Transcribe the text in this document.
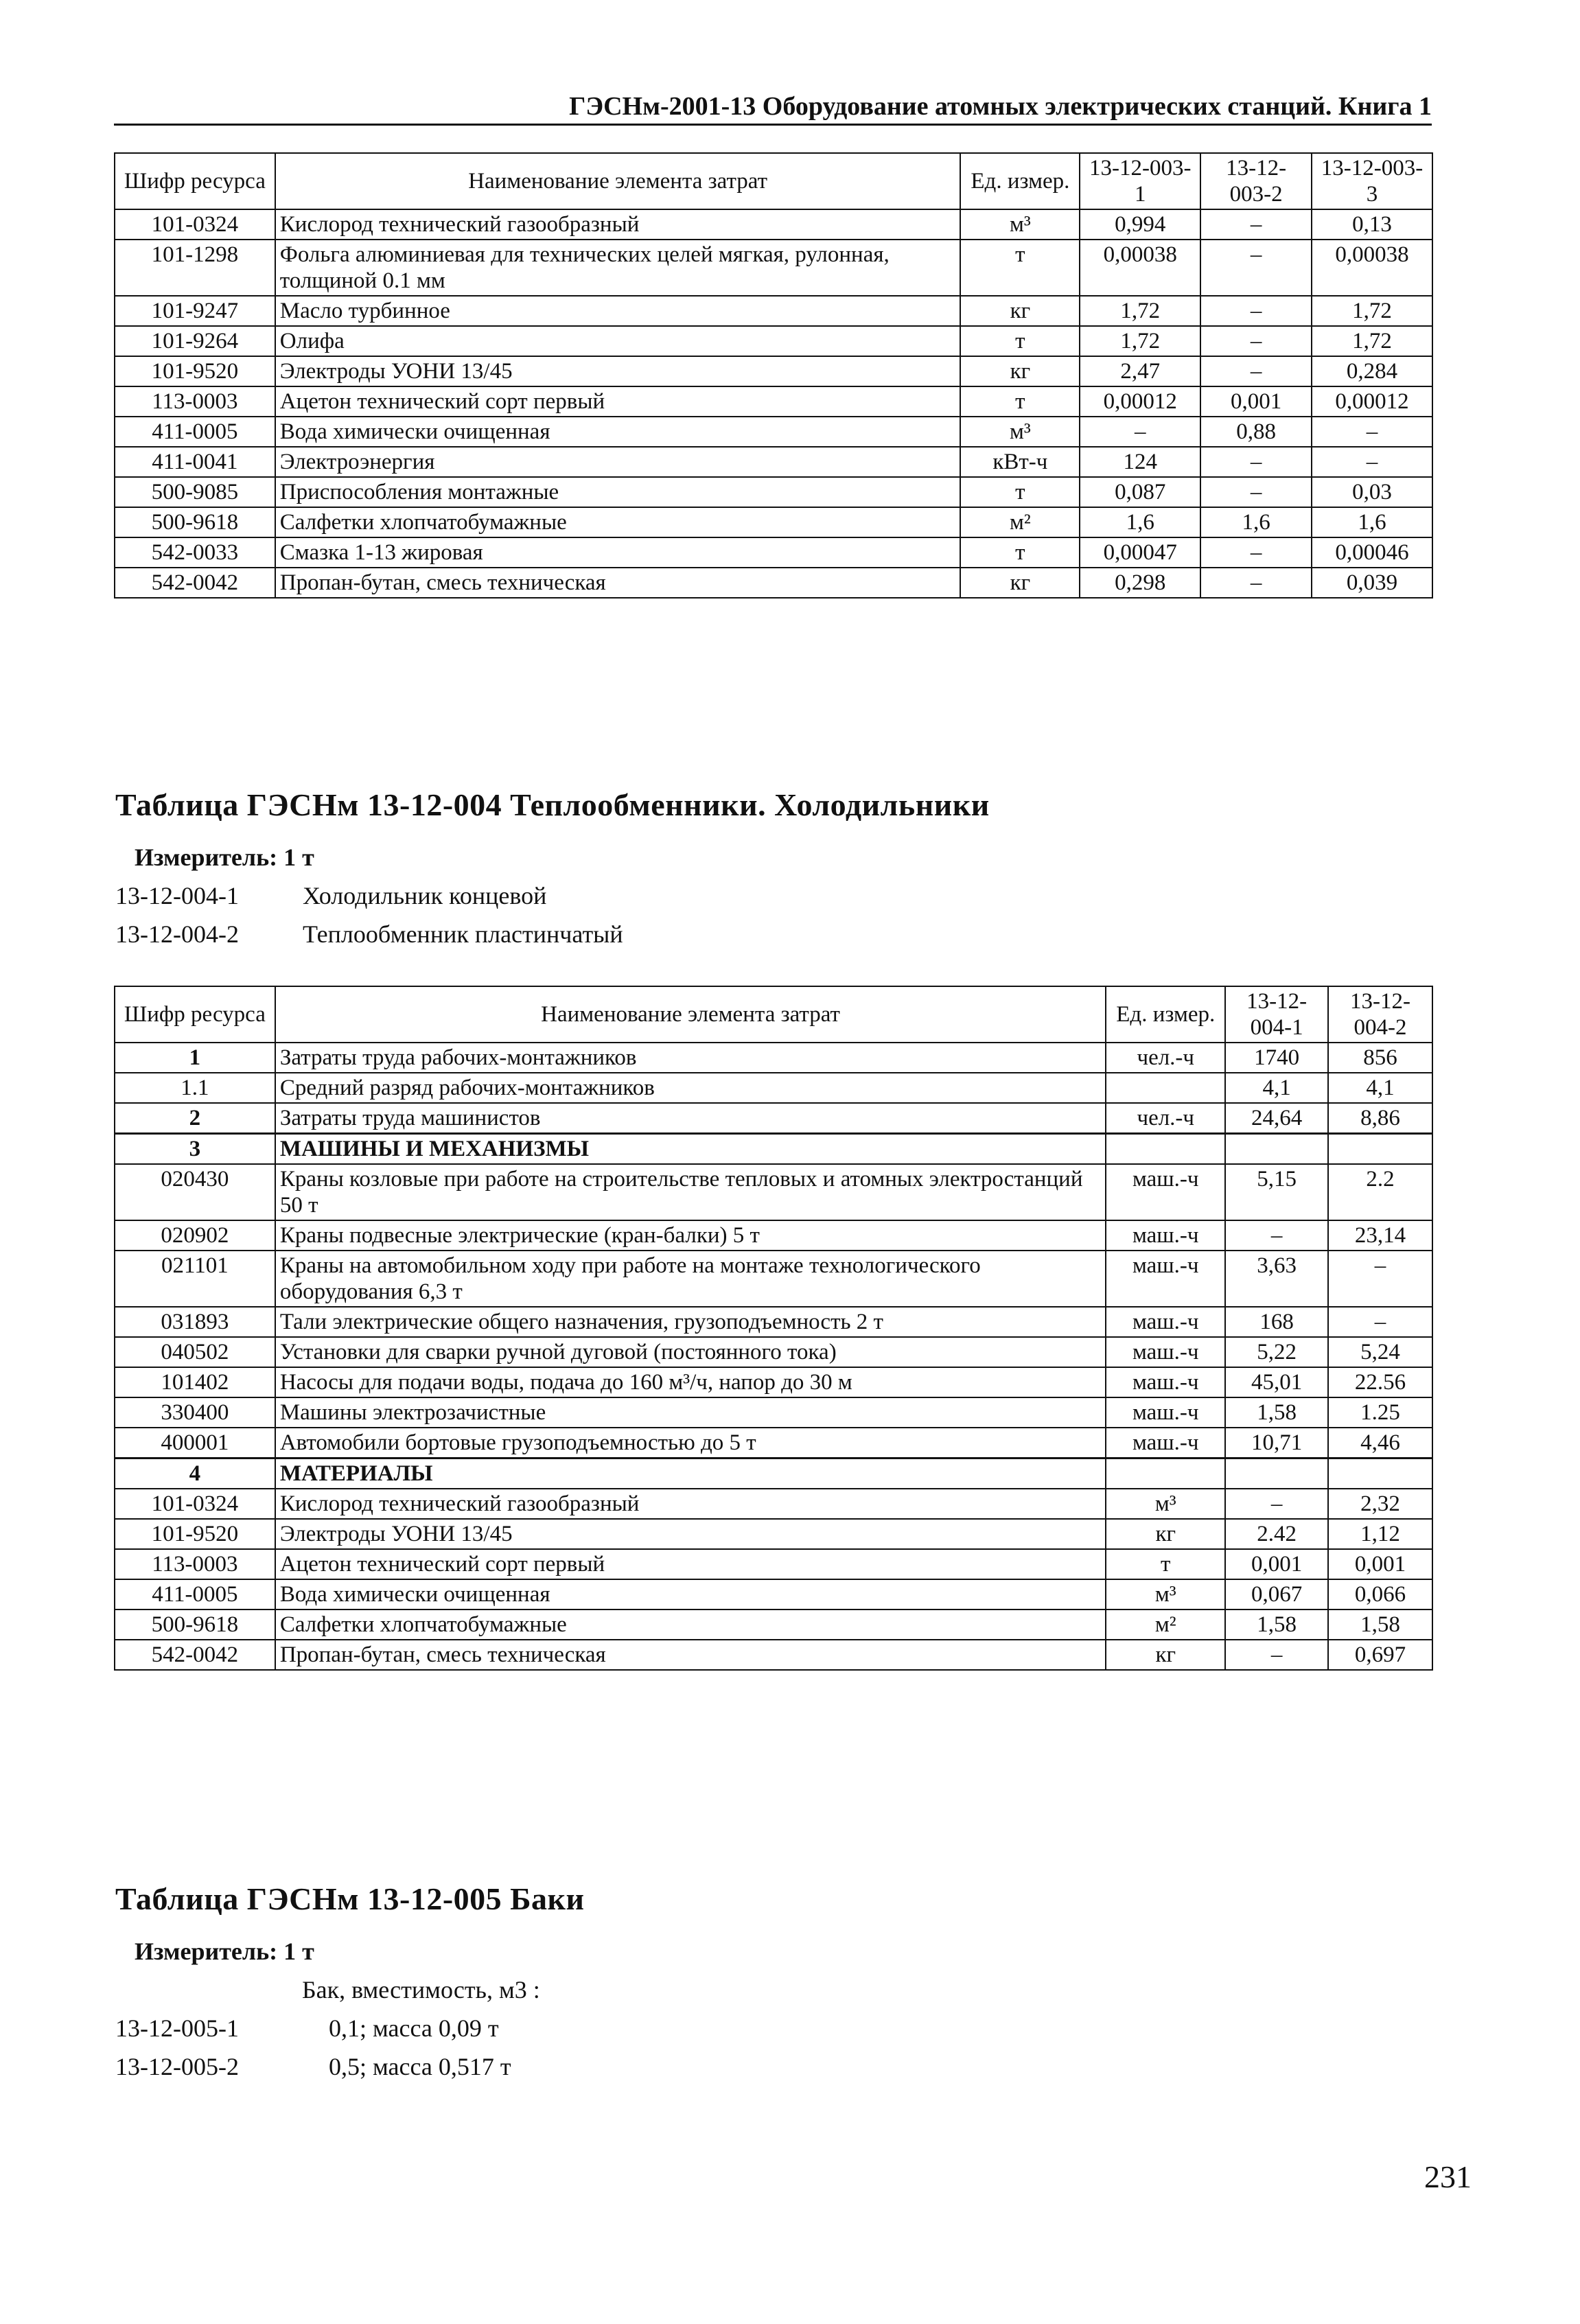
ГЭСНм-2001-13 Оборудование атомных электрических станций. Книга 1
Шифр ресурса	Наименование элемента затрат	Ед. измер.	13-12-003-1	13-12-003-2	13-12-003-3
101-0324	Кислород технический газообразный	м³	0,994	–	0,13
101-1298	Фольга алюминиевая для технических целей мягкая, рулонная, толщиной 0.1 мм	т	0,00038	–	0,00038
101-9247	Масло турбинное	кг	1,72	–	1,72
101-9264	Олифа	т	1,72	–	1,72
101-9520	Электроды УОНИ 13/45	кг	2,47	–	0,284
113-0003	Ацетон технический сорт первый	т	0,00012	0,001	0,00012
411-0005	Вода химически очищенная	м³	–	0,88	–
411-0041	Электроэнергия	кВт-ч	124	–	–
500-9085	Приспособления монтажные	т	0,087	–	0,03
500-9618	Салфетки хлопчатобумажные	м²	1,6	1,6	1,6
542-0033	Смазка 1-13 жировая	т	0,00047	–	0,00046
542-0042	Пропан-бутан, смесь техническая	кг	0,298	–	0,039
Таблица ГЭСНм 13-12-004 Теплообменники. Холодильники
Измеритель: 1 т
13-12-004-1	Холодильник концевой
13-12-004-2	Теплообменник пластинчатый
Шифр ресурса	Наименование элемента затрат	Ед. измер.	13-12-004-1	13-12-004-2
1	Затраты труда рабочих-монтажников	чел.-ч	1740	856
1.1	Средний разряд рабочих-монтажников		4,1	4,1
2	Затраты труда машинистов	чел.-ч	24,64	8,86
3	МАШИНЫ И МЕХАНИЗМЫ			
020430	Краны козловые при работе на строительстве тепловых и атомных электростанций 50 т	маш.-ч	5,15	2.2
020902	Краны подвесные электрические (кран-балки) 5 т	маш.-ч	–	23,14
021101	Краны на автомобильном ходу при работе на монтаже технологического оборудования 6,3 т	маш.-ч	3,63	–
031893	Тали электрические общего назначения, грузоподъемность 2 т	маш.-ч	168	–
040502	Установки для сварки ручной дуговой (постоянного тока)	маш.-ч	5,22	5,24
101402	Насосы для подачи воды, подача до 160 м³/ч, напор до 30 м	маш.-ч	45,01	22.56
330400	Машины электрозачистные	маш.-ч	1,58	1.25
400001	Автомобили бортовые грузоподъемностью до 5 т	маш.-ч	10,71	4,46
4	МАТЕРИАЛЫ			
101-0324	Кислород технический газообразный	м³	–	2,32
101-9520	Электроды УОНИ 13/45	кг	2.42	1,12
113-0003	Ацетон технический сорт первый	т	0,001	0,001
411-0005	Вода химически очищенная	м³	0,067	0,066
500-9618	Салфетки хлопчатобумажные	м²	1,58	1,58
542-0042	Пропан-бутан, смесь техническая	кг	–	0,697
Таблица ГЭСНм 13-12-005 Баки
Измеритель: 1 т
Бак, вместимость, м3 :
13-12-005-1	0,1; масса 0,09 т
13-12-005-2	0,5; масса 0,517 т
231
